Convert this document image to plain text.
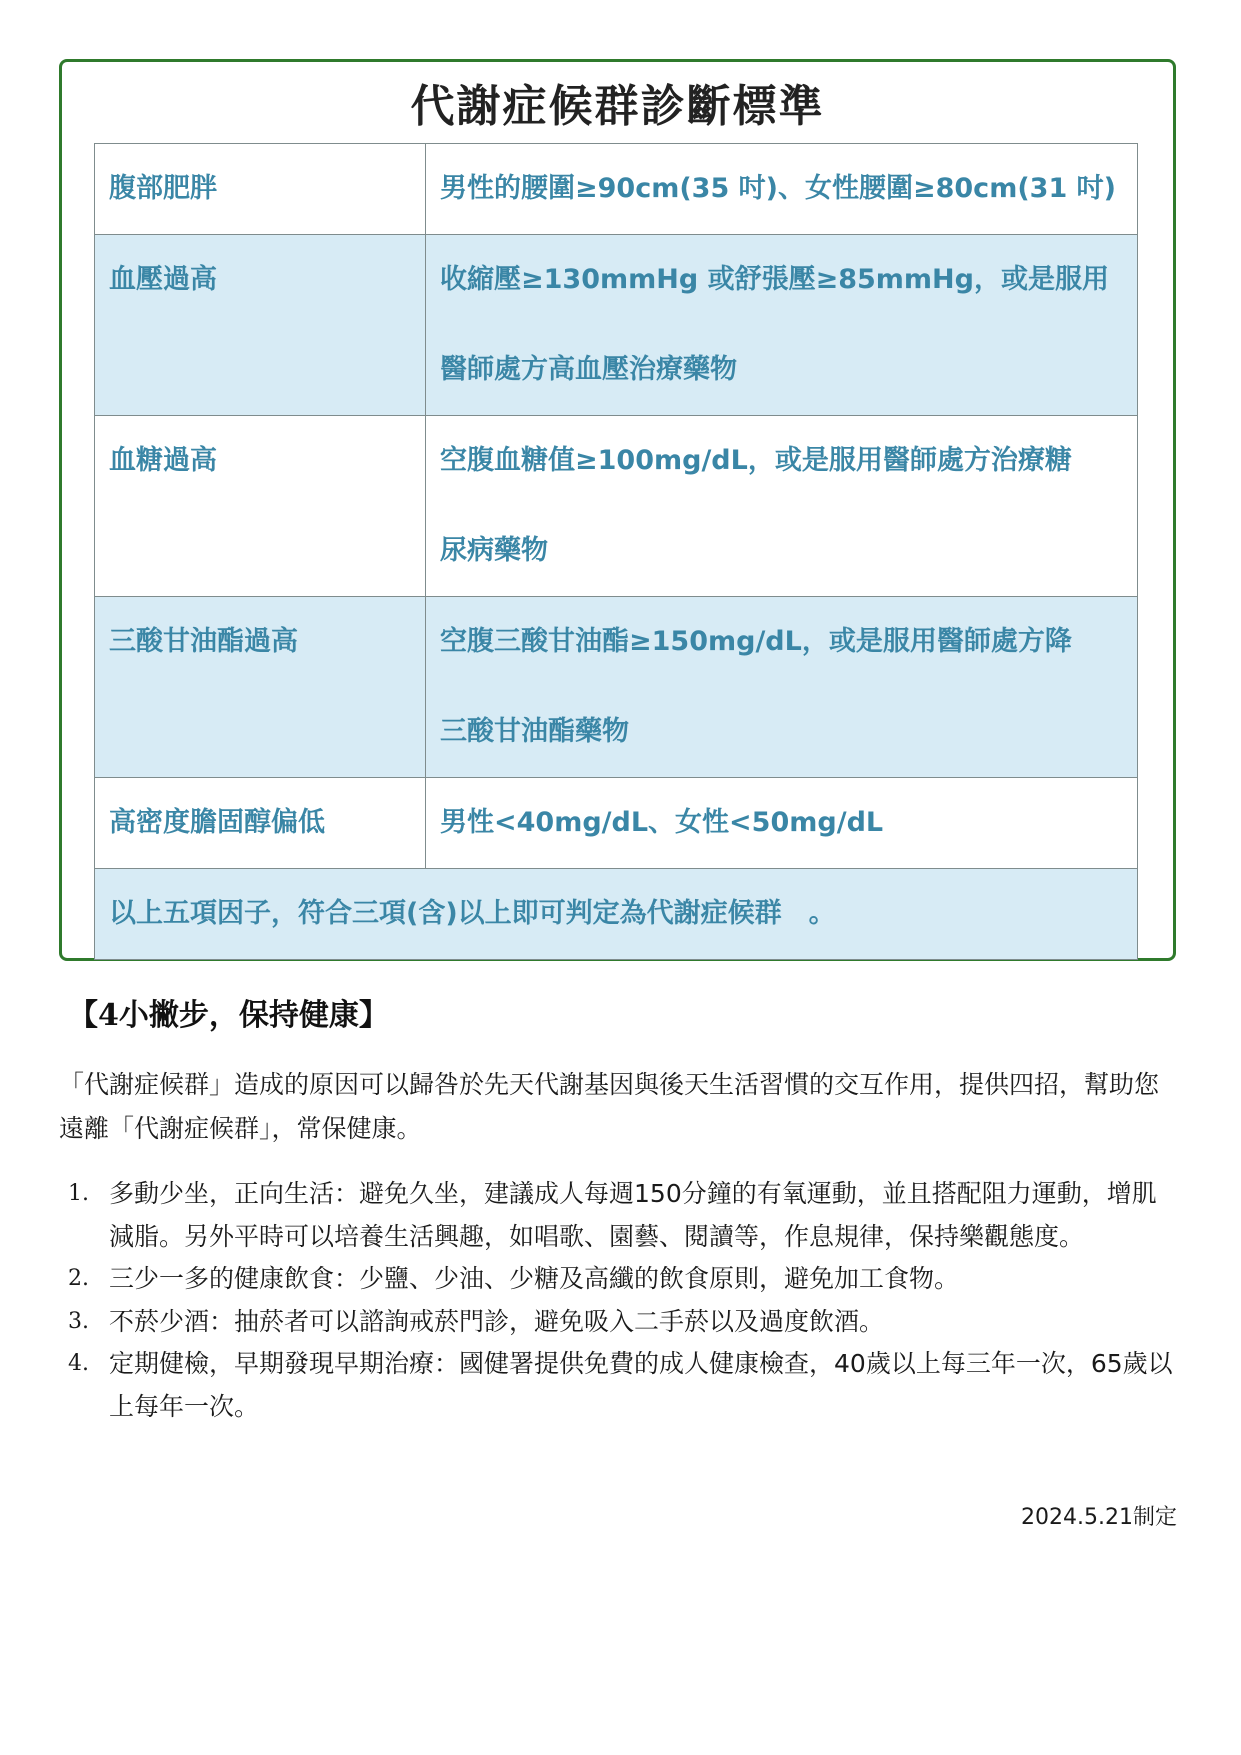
代謝症候群診斷標準
腹部肥胖	男性的腰圍≥90cm(35 吋)、女性腰圍≥80cm(31 吋)

血壓過高	收縮壓≥130mmHg 或舒張壓≥85mmHg，或是服用
醫師處方高血壓治療藥物

血糖過高	空腹血糖值≥100mg/dL，或是服用醫師處方治療糖
尿病藥物

三酸甘油酯過高	空腹三酸甘油酯≥150mg/dL，或是服用醫師處方降
三酸甘油酯藥物

高密度膽固醇偏低	男性<40mg/dL、女性<50mg/dL

以上五項因子，符合三項(含)以上即可判定為代謝症候群　。	
【4小撇步，保持健康】
「代謝症候群」造成的原因可以歸咎於先天代謝基因與後天生活習慣的交互作用，提供四招，幫助您遠離「代謝症候群」，常保健康。
1. 多動少坐，正向生活：避免久坐，建議成人每週150分鐘的有氧運動，並且搭配阻力運動，增肌減脂。另外平時可以培養生活興趣，如唱歌、園藝、閱讀等，作息規律，保持樂觀態度。
2. 三少一多的健康飲食：少鹽、少油、少糖及高纖的飲食原則，避免加工食物。
3. 不菸少酒：抽菸者可以諮詢戒菸門診，避免吸入二手菸以及過度飲酒。
4. 定期健檢，早期發現早期治療：國健署提供免費的成人健康檢查，40歲以上每三年一次，65歲以上每年一次。
2024.5.21制定
